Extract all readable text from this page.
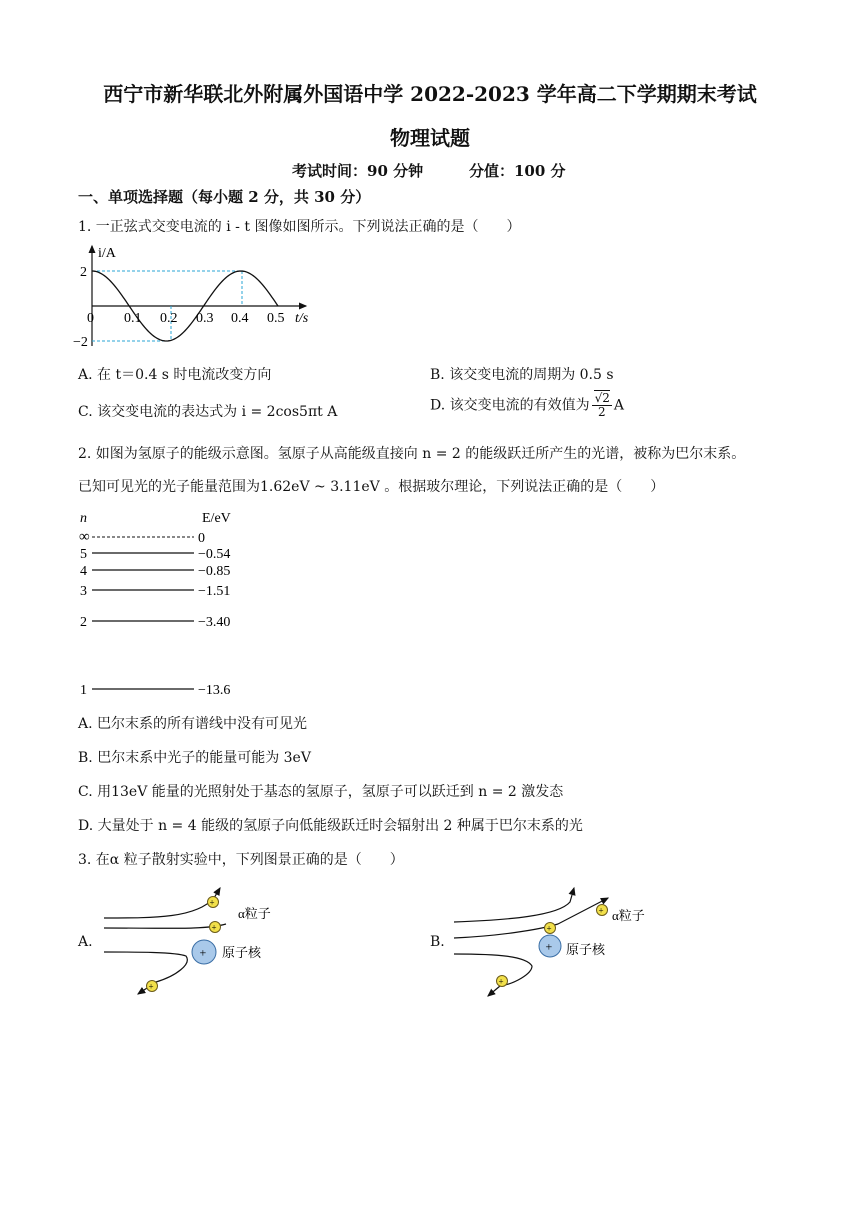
西宁市新华联北外附属外国语中学 2022-2023 学年高二下学期期末考试
物理试题
考试时间：90 分钟	分值：100 分
一、单项选择题（每小题 2 分，共 30 分）
1. 一正弦式交变电流的 i - t 图像如图所示。下列说法正确的是（　　）
i/A
2
−2
0 0.1 0.2 0.3 0.4 0.5 t/s
A. 在 t＝0.4 s 时电流改变方向	B. 该交变电流的周期为 0.5 s
C. 该交变电流的表达式为 i = 2cos5πt A	D. 该交变电流的有效值为 $\frac{√2}{2}$ A
2. 如图为氢原子的能级示意图。氢原子从高能级直接向 n = 2 的能级跃迁所产生的光谱，被称为巴尔末系。
已知可见光的光子能量范围为1.62eV ~ 3.11eV 。根据玻尔理论，下列说法正确的是（　　）
n	E/eV
∞	0
5	−0.54
4	−0.85
3	−1.51
2	−3.40
1	−13.6
A. 巴尔末系的所有谱线中没有可见光
B. 巴尔末系中光子的能量可能为 3eV
C. 用13eV 能量的光照射处于基态的氢原子，氢原子可以跃迁到 n = 2 激发态
D. 大量处于 n = 4 能级的氢原子向低能级跃迁时会辐射出 2 种属于巴尔末系的光
3. 在α 粒子散射实验中，下列图景正确的是（　　）
A.
+
+
+
+
α粒子
原子核
B.
+
+
+
+
α粒子
原子核
